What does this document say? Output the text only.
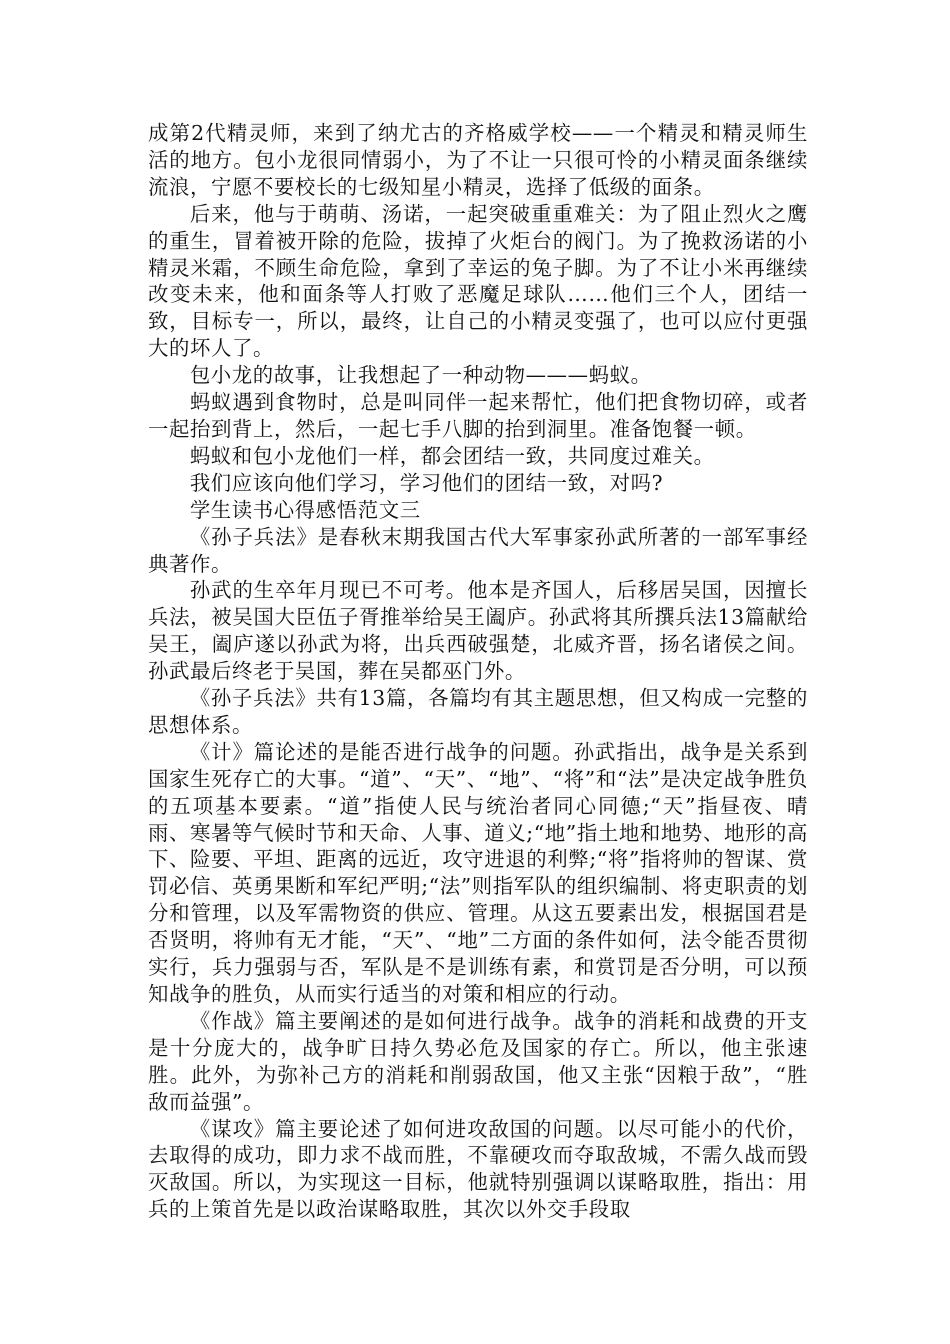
成第2代精灵师，来到了纳尤古的齐格威学校——一个精灵和精灵师生活的地方。包小龙很同情弱小，为了不让一只很可怜的小精灵面条继续流浪，宁愿不要校长的七级知星小精灵，选择了低级的面条。

后来，他与于萌萌、汤诺，一起突破重重难关：为了阻止烈火之鹰的重生，冒着被开除的危险，拔掉了火炬台的阀门。为了挽救汤诺的小精灵米霜，不顾生命危险，拿到了幸运的兔子脚。为了不让小米再继续改变未来，他和面条等人打败了恶魔足球队……他们三个人，团结一致，目标专一，所以，最终，让自己的小精灵变强了，也可以应付更强大的坏人了。

包小龙的故事，让我想起了一种动物———蚂蚁。

蚂蚁遇到食物时，总是叫同伴一起来帮忙，他们把食物切碎，或者一起抬到背上，然后，一起七手八脚的抬到洞里。准备饱餐一顿。

蚂蚁和包小龙他们一样，都会团结一致，共同度过难关。

我们应该向他们学习，学习他们的团结一致，对吗?

学生读书心得感悟范文三

《孙子兵法》是春秋末期我国古代大军事家孙武所著的一部军事经典著作。

孙武的生卒年月现已不可考。他本是齐国人，后移居吴国，因擅长兵法，被吴国大臣伍子胥推举给吴王阖庐。孙武将其所撰兵法13篇献给吴王，阖庐遂以孙武为将，出兵西破强楚，北威齐晋，扬名诸侯之间。孙武最后终老于吴国，葬在吴都巫门外。

《孙子兵法》共有13篇，各篇均有其主题思想，但又构成一完整的思想体系。

《计》篇论述的是能否进行战争的问题。孙武指出，战争是关系到国家生死存亡的大事。“道”、“天”、“地”、“将”和“法”是决定战争胜负的五项基本要素。“道”指使人民与统治者同心同德;“天”指昼夜、晴雨、寒暑等气候时节和天命、人事、道义;“地”指土地和地势、地形的高下、险要、平坦、距离的远近，攻守进退的利弊;“将”指将帅的智谋、赏罚必信、英勇果断和军纪严明;“法”则指军队的组织编制、将吏职责的划分和管理，以及军需物资的供应、管理。从这五要素出发，根据国君是否贤明，将帅有无才能，“天”、“地”二方面的条件如何，法令能否贯彻实行，兵力强弱与否，军队是不是训练有素，和赏罚是否分明，可以预知战争的胜负，从而实行适当的对策和相应的行动。

《作战》篇主要阐述的是如何进行战争。战争的消耗和战费的开支是十分庞大的，战争旷日持久势必危及国家的存亡。所以，他主张速胜。此外，为弥补己方的消耗和削弱敌国，他又主张“因粮于敌”，“胜敌而益强”。

《谋攻》篇主要论述了如何进攻敌国的问题。以尽可能小的代价，去取得的成功，即力求不战而胜，不靠硬攻而夺取敌城，不需久战而毁灭敌国。所以，为实现这一目标，他就特别强调以谋略取胜，指出：用兵的上策首先是以政治谋略取胜，其次以外交手段取
